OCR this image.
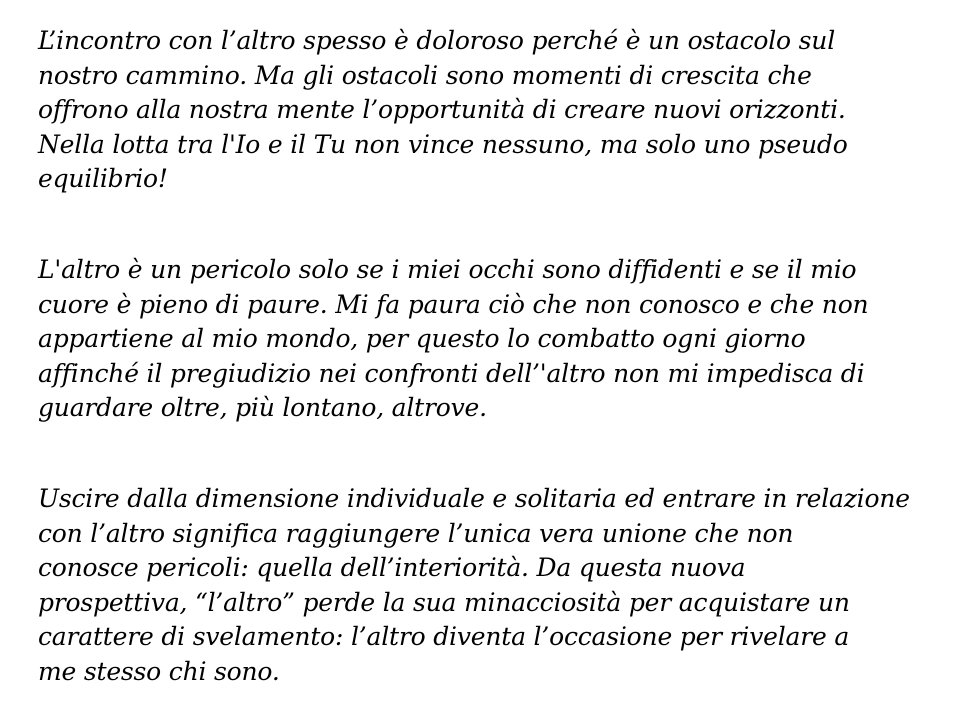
L’incontro con l’altro spesso è doloroso perché è un ostacolo sul
nostro cammino. Ma gli ostacoli sono momenti di crescita che
offrono alla nostra mente l’opportunità di creare nuovi orizzonti.
Nella lotta tra l'Io e il Tu non vince nessuno, ma solo uno pseudo
equilibrio!

L'altro è un pericolo solo se i miei occhi sono diffidenti e se il mio
cuore è pieno di paure. Mi fa paura ciò che non conosco e che non
appartiene al mio mondo, per questo lo combatto ogni giorno
affinché il pregiudizio nei confronti dell’'altro non mi impedisca di
guardare oltre, più lontano, altrove.

Uscire dalla dimensione individuale e solitaria ed entrare in relazione
con l’altro significa raggiungere l’unica vera unione che non
conosce pericoli: quella dell’interiorità. Da questa nuova
prospettiva, “l’altro” perde la sua minacciosità per acquistare un
carattere di svelamento: l’altro diventa l’occasione per rivelare a
me stesso chi sono.
